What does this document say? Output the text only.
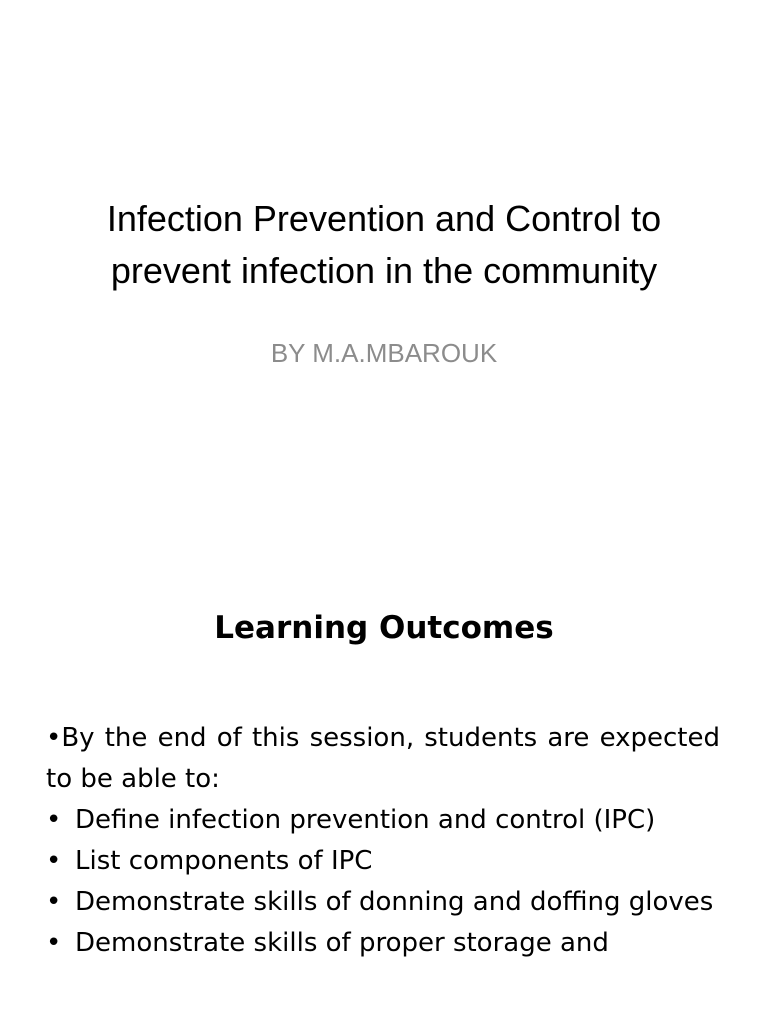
Infection Prevention and Control to
prevent infection in the community
BY M.A.MBAROUK
Learning Outcomes

•By the end of this session, students are expected to be able to:

• Define infection prevention and control (IPC)
• List components of IPC
• Demonstrate skills of donning and doffing gloves
• Demonstrate skills of proper storage and
